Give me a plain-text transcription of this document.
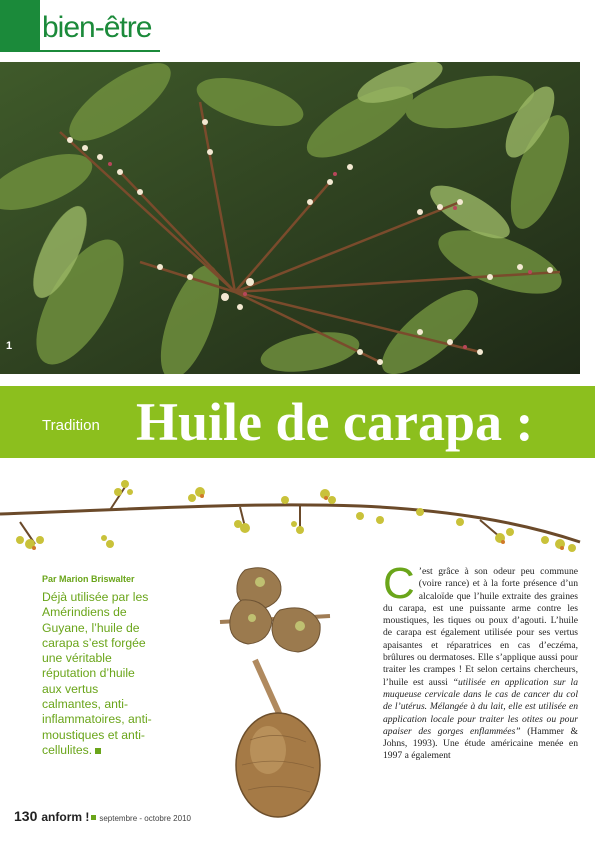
bien-être
1
Tradition Huile de carapa :
Par Marion Briswalter
Déjà utilisée par les Amérindiens de Guyane, l’huile de carapa s’est forgée une véritable réputation d’huile aux vertus calmantes, anti-inflammatoires, anti-moustiques et anti-cellulites.
C ’est grâce à son odeur peu commune (voire rance) et à la forte présence d’un alcaloïde que l’huile extraite des graines du carapa, est une puissante arme contre les moustiques, les tiques ou poux d’agouti. L’huile de carapa est également utilisée pour ses vertus apaisantes et réparatrices en cas d’eczéma, brûlures ou dermatoses. Elle s’applique aussi pour traiter les crampes ! Et selon certains chercheurs, l’huile est aussi “utilisée en application sur la muqueuse cervicale dans le cas de cancer du col de l’utérus. Mélangée à du lait, elle est utilisée en application locale pour traiter les otites ou pour apaiser des gorges enflammées” (Hammer & Johns, 1993). Une étude américaine menée en 1997 a également
130 anform ! septembre - octobre 2010
